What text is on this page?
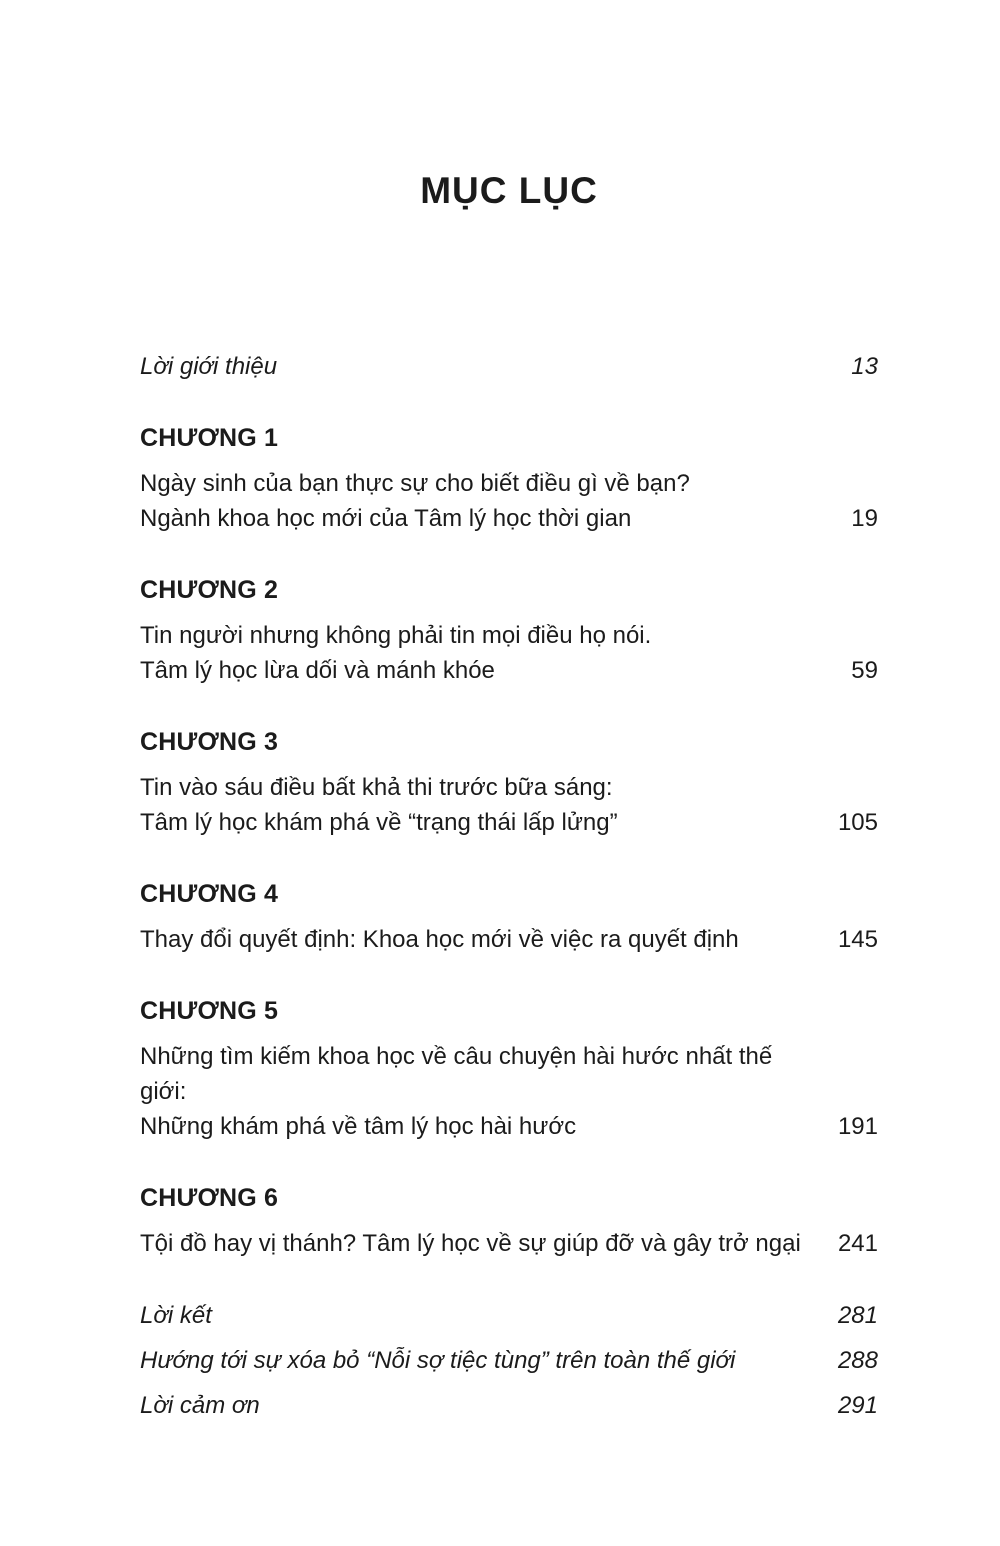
MỤC LỤC
Lời giới thiệu	13
CHƯƠNG 1
Ngày sinh của bạn thực sự cho biết điều gì về bạn?
Ngành khoa học mới của Tâm lý học thời gian	19
CHƯƠNG 2
Tin người nhưng không phải tin mọi điều họ nói.
Tâm lý học lừa dối và mánh khóe	59
CHƯƠNG 3
Tin vào sáu điều bất khả thi trước bữa sáng:
Tâm lý học khám phá về “trạng thái lấp lửng”	105
CHƯƠNG 4
Thay đổi quyết định: Khoa học mới về việc ra quyết định	145
CHƯƠNG 5
Những tìm kiếm khoa học về câu chuyện hài hước nhất thế giới:
Những khám phá về tâm lý học hài hước	191
CHƯƠNG 6
Tội đồ hay vị thánh? Tâm lý học về sự giúp đỡ và gây trở ngại	241
Lời kết	281
Hướng tới sự xóa bỏ “Nỗi sợ tiệc tùng” trên toàn thế giới	288
Lời cảm ơn	291
